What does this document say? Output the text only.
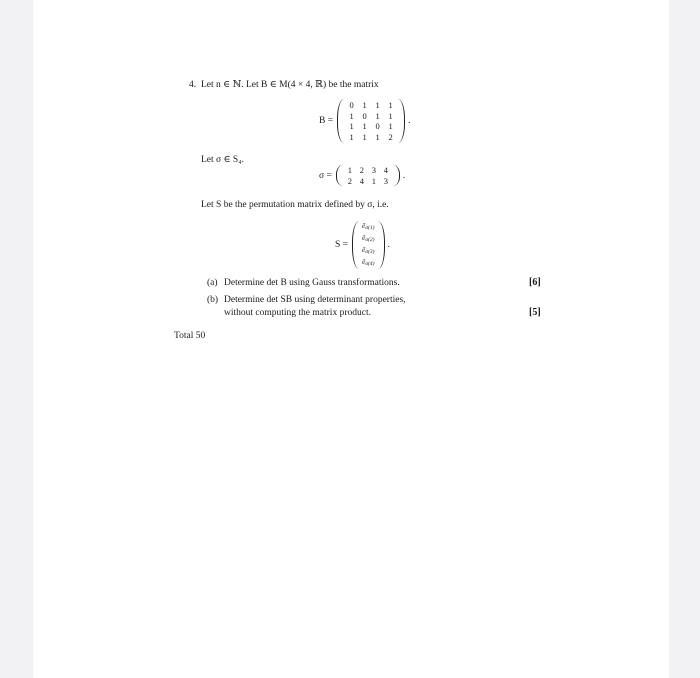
4. Let n ∈ ℕ. Let B ∈ M(4 × 4, ℝ) be the matrix
B =
0	1	1	1
1	0	1	1
1	1	0	1
1	1	1	2
.
Let σ ∈ S₄.
σ =
1 2 3 4
2 4 1 3	.
Let S be the permutation matrix defined by σ, i.e.
S =
$ê_{\sigma(1)}$
$ê_{\sigma(2)}$
$ê_{\sigma(3)}$
$ê_{\sigma(4)}$
.
(a) Determine det B using Gauss transformations.	[6]
(b) Determine det SB using determinant properties,
without computing the matrix product.	[5]
Total 50
